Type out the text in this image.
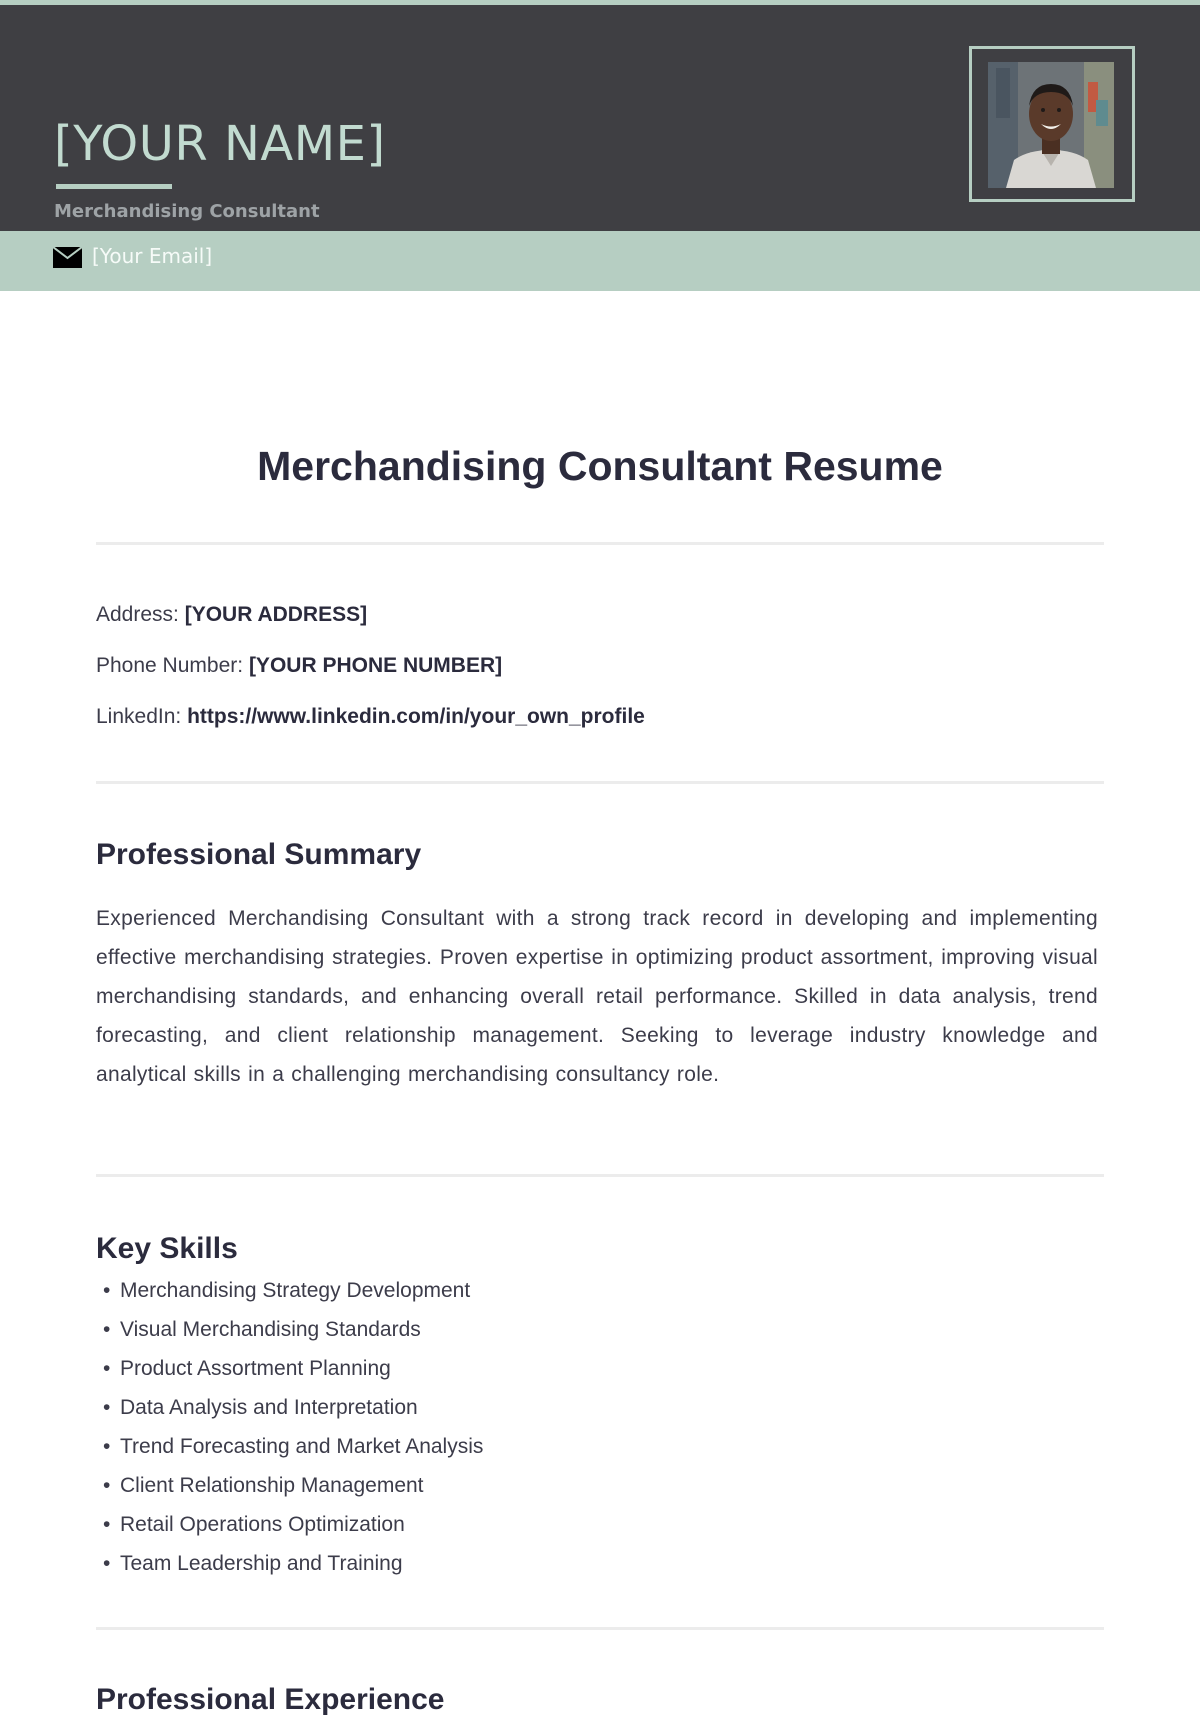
[YOUR NAME]
Merchandising Consultant
[Your Email]
Merchandising Consultant Resume
Address: [YOUR ADDRESS]
Phone Number: [YOUR PHONE NUMBER]
LinkedIn: https://www.linkedin.com/in/your_own_profile
Professional Summary
Experienced Merchandising Consultant with a strong track record in developing and implementing effective merchandising strategies. Proven expertise in optimizing product assortment, improving visual merchandising standards, and enhancing overall retail performance. Skilled in data analysis, trend forecasting, and client relationship management. Seeking to leverage industry knowledge and analytical skills in a challenging merchandising consultancy role.
Key Skills
• Merchandising Strategy Development
• Visual Merchandising Standards
• Product Assortment Planning
• Data Analysis and Interpretation
• Trend Forecasting and Market Analysis
• Client Relationship Management
• Retail Operations Optimization
• Team Leadership and Training
Professional Experience
